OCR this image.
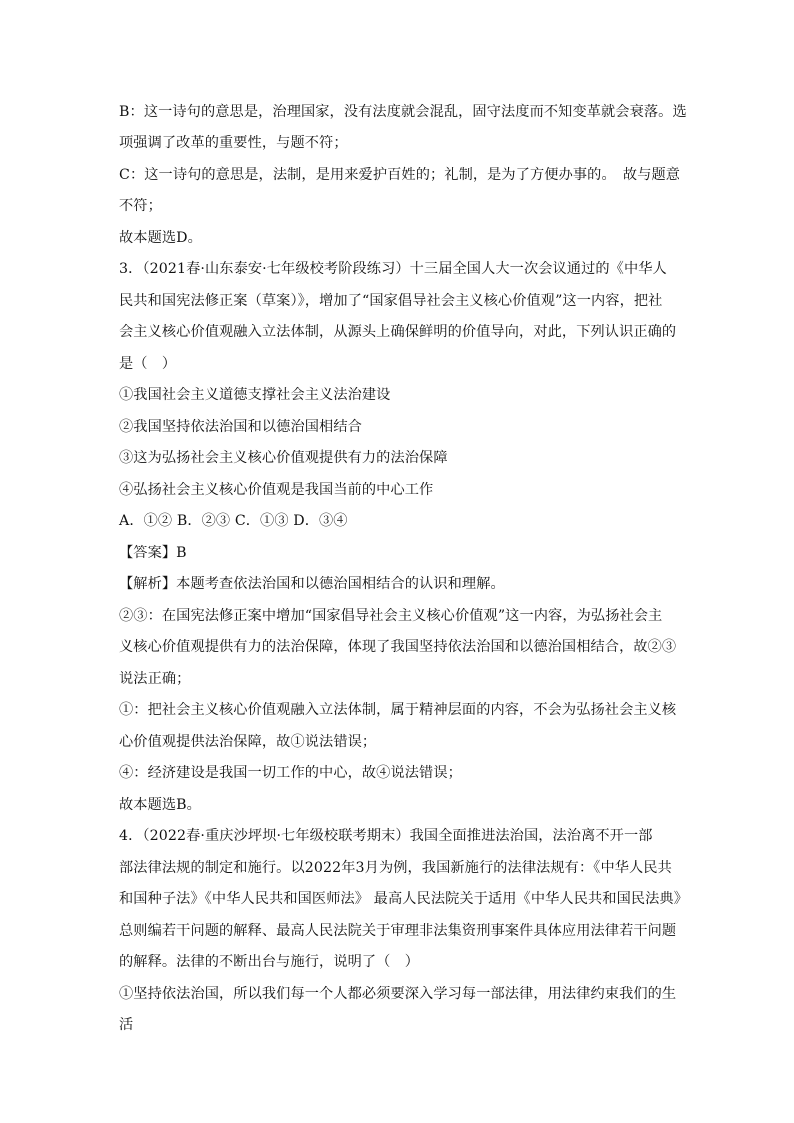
B：这一诗句的意思是，治理国家，没有法度就会混乱，固守法度而不知变革就会衰落。选
项强调了改革的重要性，与题不符；
C：这一诗句的意思是，法制，是用来爱护百姓的；礼制，是为了方便办事的。　故与题意
不符；
故本题选D。
3．（2021春·山东泰安·七年级校考阶段练习）十三届全国人大一次会议通过的《中华人
民共和国宪法修正案（草案）》，增加了“国家倡导社会主义核心价值观”这一内容，把社
会主义核心价值观融入立法体制，从源头上确保鲜明的价值导向，对此，下列认识正确的
是（　）
①我国社会主义道德支撑社会主义法治建设
②我国坚持依法治国和以德治国相结合
③这为弘扬社会主义核心价值观提供有力的法治保障
④弘扬社会主义核心价值观是我国当前的中心工作
A．①② B．②③ C．①③ D．③④
【答案】B
【解析】本题考查依法治国和以德治国相结合的认识和理解。
②③：在国宪法修正案中增加“国家倡导社会主义核心价值观”这一内容，为弘扬社会主
义核心价值观提供有力的法治保障，体现了我国坚持依法治国和以德治国相结合，故②③
说法正确；
①：把社会主义核心价值观融入立法体制，属于精神层面的内容，不会为弘扬社会主义核
心价值观提供法治保障，故①说法错误；
④：经济建设是我国一切工作的中心，故④说法错误；
故本题选B。
4．（2022春·重庆沙坪坝·七年级校联考期末）我国全面推进法治国，法治离不开一部
部法律法规的制定和施行。以2022年3月为例，我国新施行的法律法规有：《中华人民共
和国种子法》《中华人民共和国医师法》 最高人民法院关于适用《中华人民共和国民法典》
总则编若干问题的解释、最高人民法院关于审理非法集资刑事案件具体应用法律若干问题
的解释。法律的不断出台与施行，说明了（　）
①坚持依法治国，所以我们每一个人都必须要深入学习每一部法律，用法律约束我们的生
活
